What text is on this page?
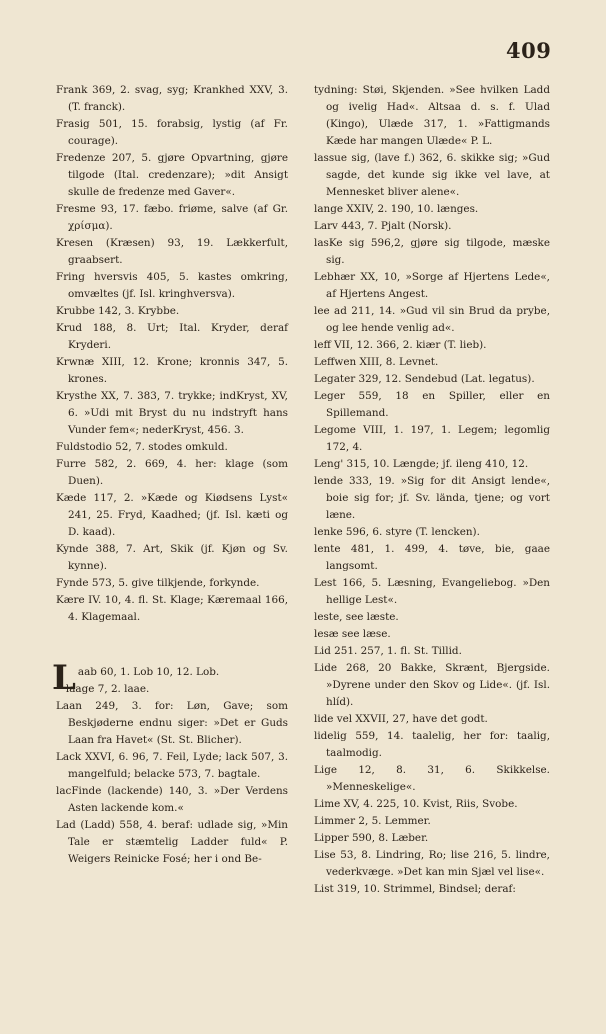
409
Frank 369, 2. svag, syg; Krankhed XXV, 3. (T. franck).
Frasig 501, 15. forabsig, lystig (af Fr. courage).
Fredenze 207, 5. gjøre Opvartning, gjøre tilgode (Ital. credenzare); »dit Ansigt skulle de fredenze med Gaver«.
Fresme 93, 17. fæbo. friøme, salve (af Gr. χρίσμα).
Kresen (Kræsen) 93, 19. Lækkerfult, graabsert.
Fring hversvis 405, 5. kastes omkring, omvæltes (jf. Isl. kringhversva).
Krubbe 142, 3. Krybbe.
Krud 188, 8. Urt; Ital. Kryder, deraf Kryderi.
Krwnæ XIII, 12. Krone; kronnis 347, 5. krones.
Krysthe XX, 7. 383, 7. trykke; indKryst, XV, 6. »Udi mit Bryst du nu indstryft hans Vunder fem«; nederKryst, 456. 3.
Fuldstodio 52, 7. stodes omkuld.
Furre 582, 2. 669, 4. her: klage (som Duen).
Kæde 117, 2. »Kæde og Kiødsens Lyst« 241, 25. Fryd, Kaadhed; (jf. Isl. kæti og D. kaad).
Kynde 388, 7. Art, Skik (jf. Kjøn og Sv. kynne).
Fynde 573, 5. give tilkjende, forkynde.
Kære IV. 10, 4. fl. St. Klage; Kæremaal 166, 4. Klagemaal.
Laab 60, 1. Lob 10, 12. Lob.
laage 7, 2. laae.
Laan 249, 3. for: Løn, Gave; som Beskjøderne endnu siger: »Det er Guds Laan fra Havet« (St. St. Blicher).
Lack XXVI, 6. 96, 7. Feil, Lyde; lack 507, 3. mangelfuld; belacke 573, 7. bagtale.
lacFinde (lackende) 140, 3. »Der Verdens Asten lackende kom.«
Lad (Ladd) 558, 4. beraf: udlade sig, »Min Tale er stæmtelig Ladder fuld« P. Weigers Reinicke Fosé; her i ond Be-
tydning: Støi, Skjenden. »See hvilken Ladd og ivelig Had«. Altsaa d. s. f. Ulad (Kingo), Ulæde 317, 1. »Fattigmands Kæde har mangen Ulæde« P. L.
lassue sig, (lave f.) 362, 6. skikke sig; »Gud sagde, det kunde sig ikke vel lave, at Mennesket bliver alene«.
lange XXIV, 2. 190, 10. længes.
Larv 443, 7. Pjalt (Norsk).
lasKe sig 596,2, gjøre sig tilgode, mæske sig.
Lebhær XX, 10, »Sorge af Hjertens Lede«, af Hjertens Angest.
lee ad 211, 14. »Gud vil sin Brud da prybe, og lee hende venlig ad«.
leff VII, 12. 366, 2. kiær (T. lieb).
Leffwen XIII, 8. Levnet.
Legater 329, 12. Sendebud (Lat. legatus).
Leger 559, 18 en Spiller, eller en Spillemand.
Legome VIII, 1. 197, 1. Legem; legomlig 172, 4.
Leng' 315, 10. Længde; jf. ileng 410, 12.
lende 333, 19. »Sig for dit Ansigt lende«, boie sig for; jf. Sv. lända, tjene; og vort læne.
lenke 596, 6. styre (T. lencken).
lente 481, 1. 499, 4. tøve, bie, gaae langsomt.
Lest 166, 5. Læsning, Evangeliebog. »Den hellige Lest«.
leste, see læste.
lesæ see læse.
Lid 251. 257, 1. fl. St. Tillid.
Lide 268, 20 Bakke, Skrænt, Bjergside. »Dyrene under den Skov og Lide«. (jf. Isl. hlíd).
lide vel XXVII, 27, have det godt.
lidelig 559, 14. taalelig, her for: taalig, taalmodig.
Lige 12, 8. 31, 6. Skikkelse. »Menneskelige«.
Lime XV, 4. 225, 10. Kvist, Riis, Svobe.
Limmer 2, 5. Lemmer.
Lipper 590, 8. Læber.
Lise 53, 8. Lindring, Ro; lise 216, 5. lindre, vederkvæge. »Det kan min Sjæl vel lise«.
List 319, 10. Strimmel, Bindsel; deraf:
